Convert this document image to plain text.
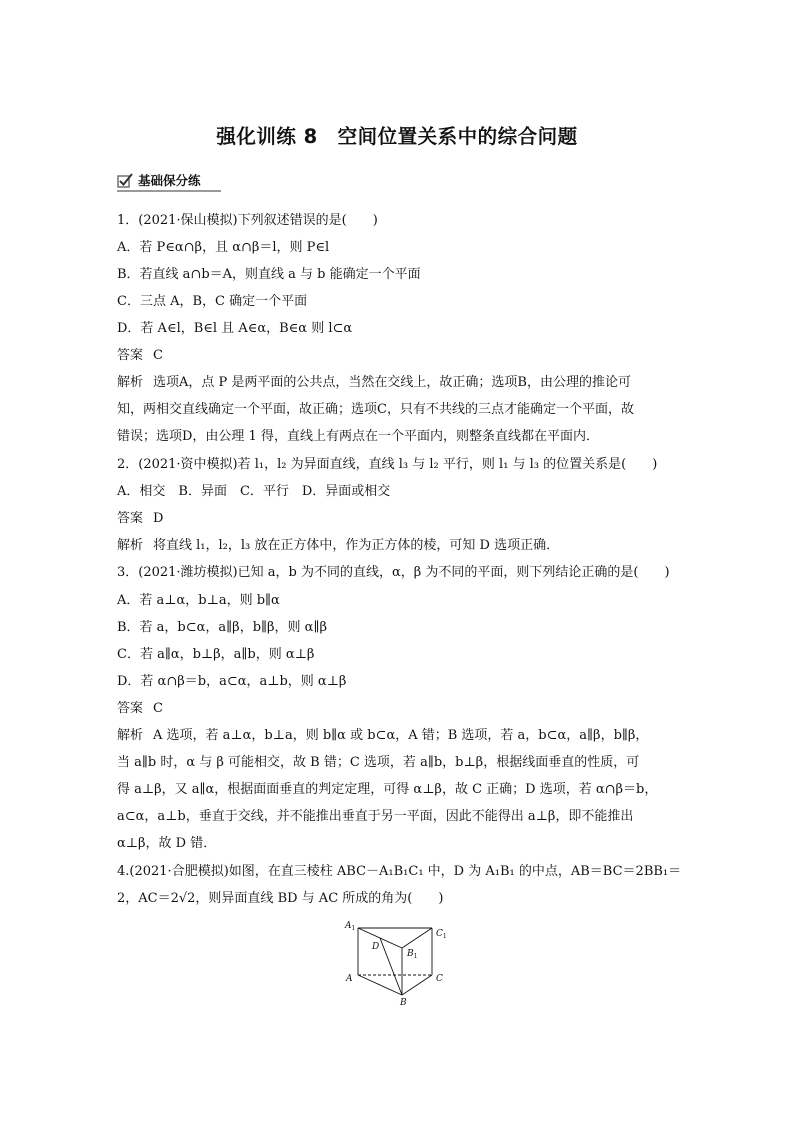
强化训练 8　空间位置关系中的综合问题
基础保分练
1．(2021·保山模拟)下列叙述错误的是(　　)
A．若 P∈α∩β，且 α∩β＝l，则 P∈l
B．若直线 a∩b＝A，则直线 a 与 b 能确定一个平面
C．三点 A，B，C 确定一个平面
D．若 A∈l，B∈l 且 A∈α，B∈α 则 l⊂α
答案 C
解析 选项A，点 P 是两平面的公共点，当然在交线上，故正确；选项B，由公理的推论可
知，两相交直线确定一个平面，故正确；选项C，只有不共线的三点才能确定一个平面，故
错误；选项D，由公理 1 得，直线上有两点在一个平面内，则整条直线都在平面内．
2．(2021·资中模拟)若 l₁，l₂ 为异面直线，直线 l₃ 与 l₂ 平行，则 l₁ 与 l₃ 的位置关系是(　　)
A．相交　B．异面　C．平行　D．异面或相交
答案 D
解析 将直线 l₁，l₂，l₃ 放在正方体中，作为正方体的棱，可知 D 选项正确．
3．(2021·潍坊模拟)已知 a，b 为不同的直线，α，β 为不同的平面，则下列结论正确的是(　　)
A．若 a⊥α，b⊥a，则 b∥α
B．若 a，b⊂α，a∥β，b∥β，则 α∥β
C．若 a∥α，b⊥β，a∥b，则 α⊥β
D．若 α∩β＝b，a⊂α，a⊥b，则 α⊥β
答案 C
解析 A 选项，若 a⊥α，b⊥a，则 b∥α 或 b⊂α，A 错；B 选项，若 a，b⊂α，a∥β，b∥β，
当 a∥b 时，α 与 β 可能相交，故 B 错；C 选项，若 a∥b，b⊥β，根据线面垂直的性质，可
得 a⊥β，又 a∥α，根据面面垂直的判定定理，可得 α⊥β，故 C 正确；D 选项，若 α∩β＝b，
a⊂α，a⊥b，垂直于交线，并不能推出垂直于另一平面，因此不能得出 a⊥β，即不能推出
α⊥β，故 D 错．
4.(2021·合肥模拟)如图，在直三棱柱 ABC－A₁B₁C₁ 中，D 为 A₁B₁ 的中点，AB＝BC＝2BB₁＝
2，AC＝2√2，则异面直线 BD 与 AC 所成的角为(　　)
$A_1$
$C_1$
$B_1$
D
A	C
B
